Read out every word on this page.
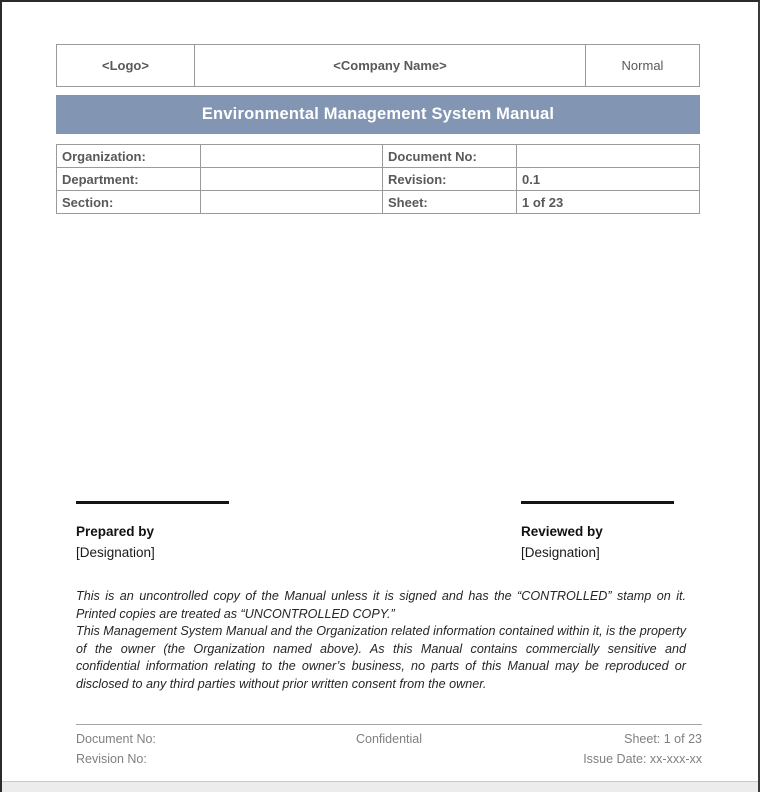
<Logo>	<Company Name>	Normal
Environmental Management System Manual
Organization:		Document No:	
Department:		Revision:	0.1
Section:		Sheet:	1 of 23
Prepared by
[Designation]
Reviewed by
[Designation]

This is an uncontrolled copy of the Manual unless it is signed and has the “CONTROLLED” stamp on it. Printed copies are treated as “UNCONTROLLED COPY.”

This Management System Manual and the Organization related information contained within it, is the property of the owner (the Organization named above). As this Manual contains commercially sensitive and confidential information relating to the owner’s business, no parts of this Manual may be reproduced or disclosed to any third parties without prior written consent from the owner.

Document No:	Confidential	Sheet: 1 of 23
Revision No:	Issue Date: xx-xxx-xx
